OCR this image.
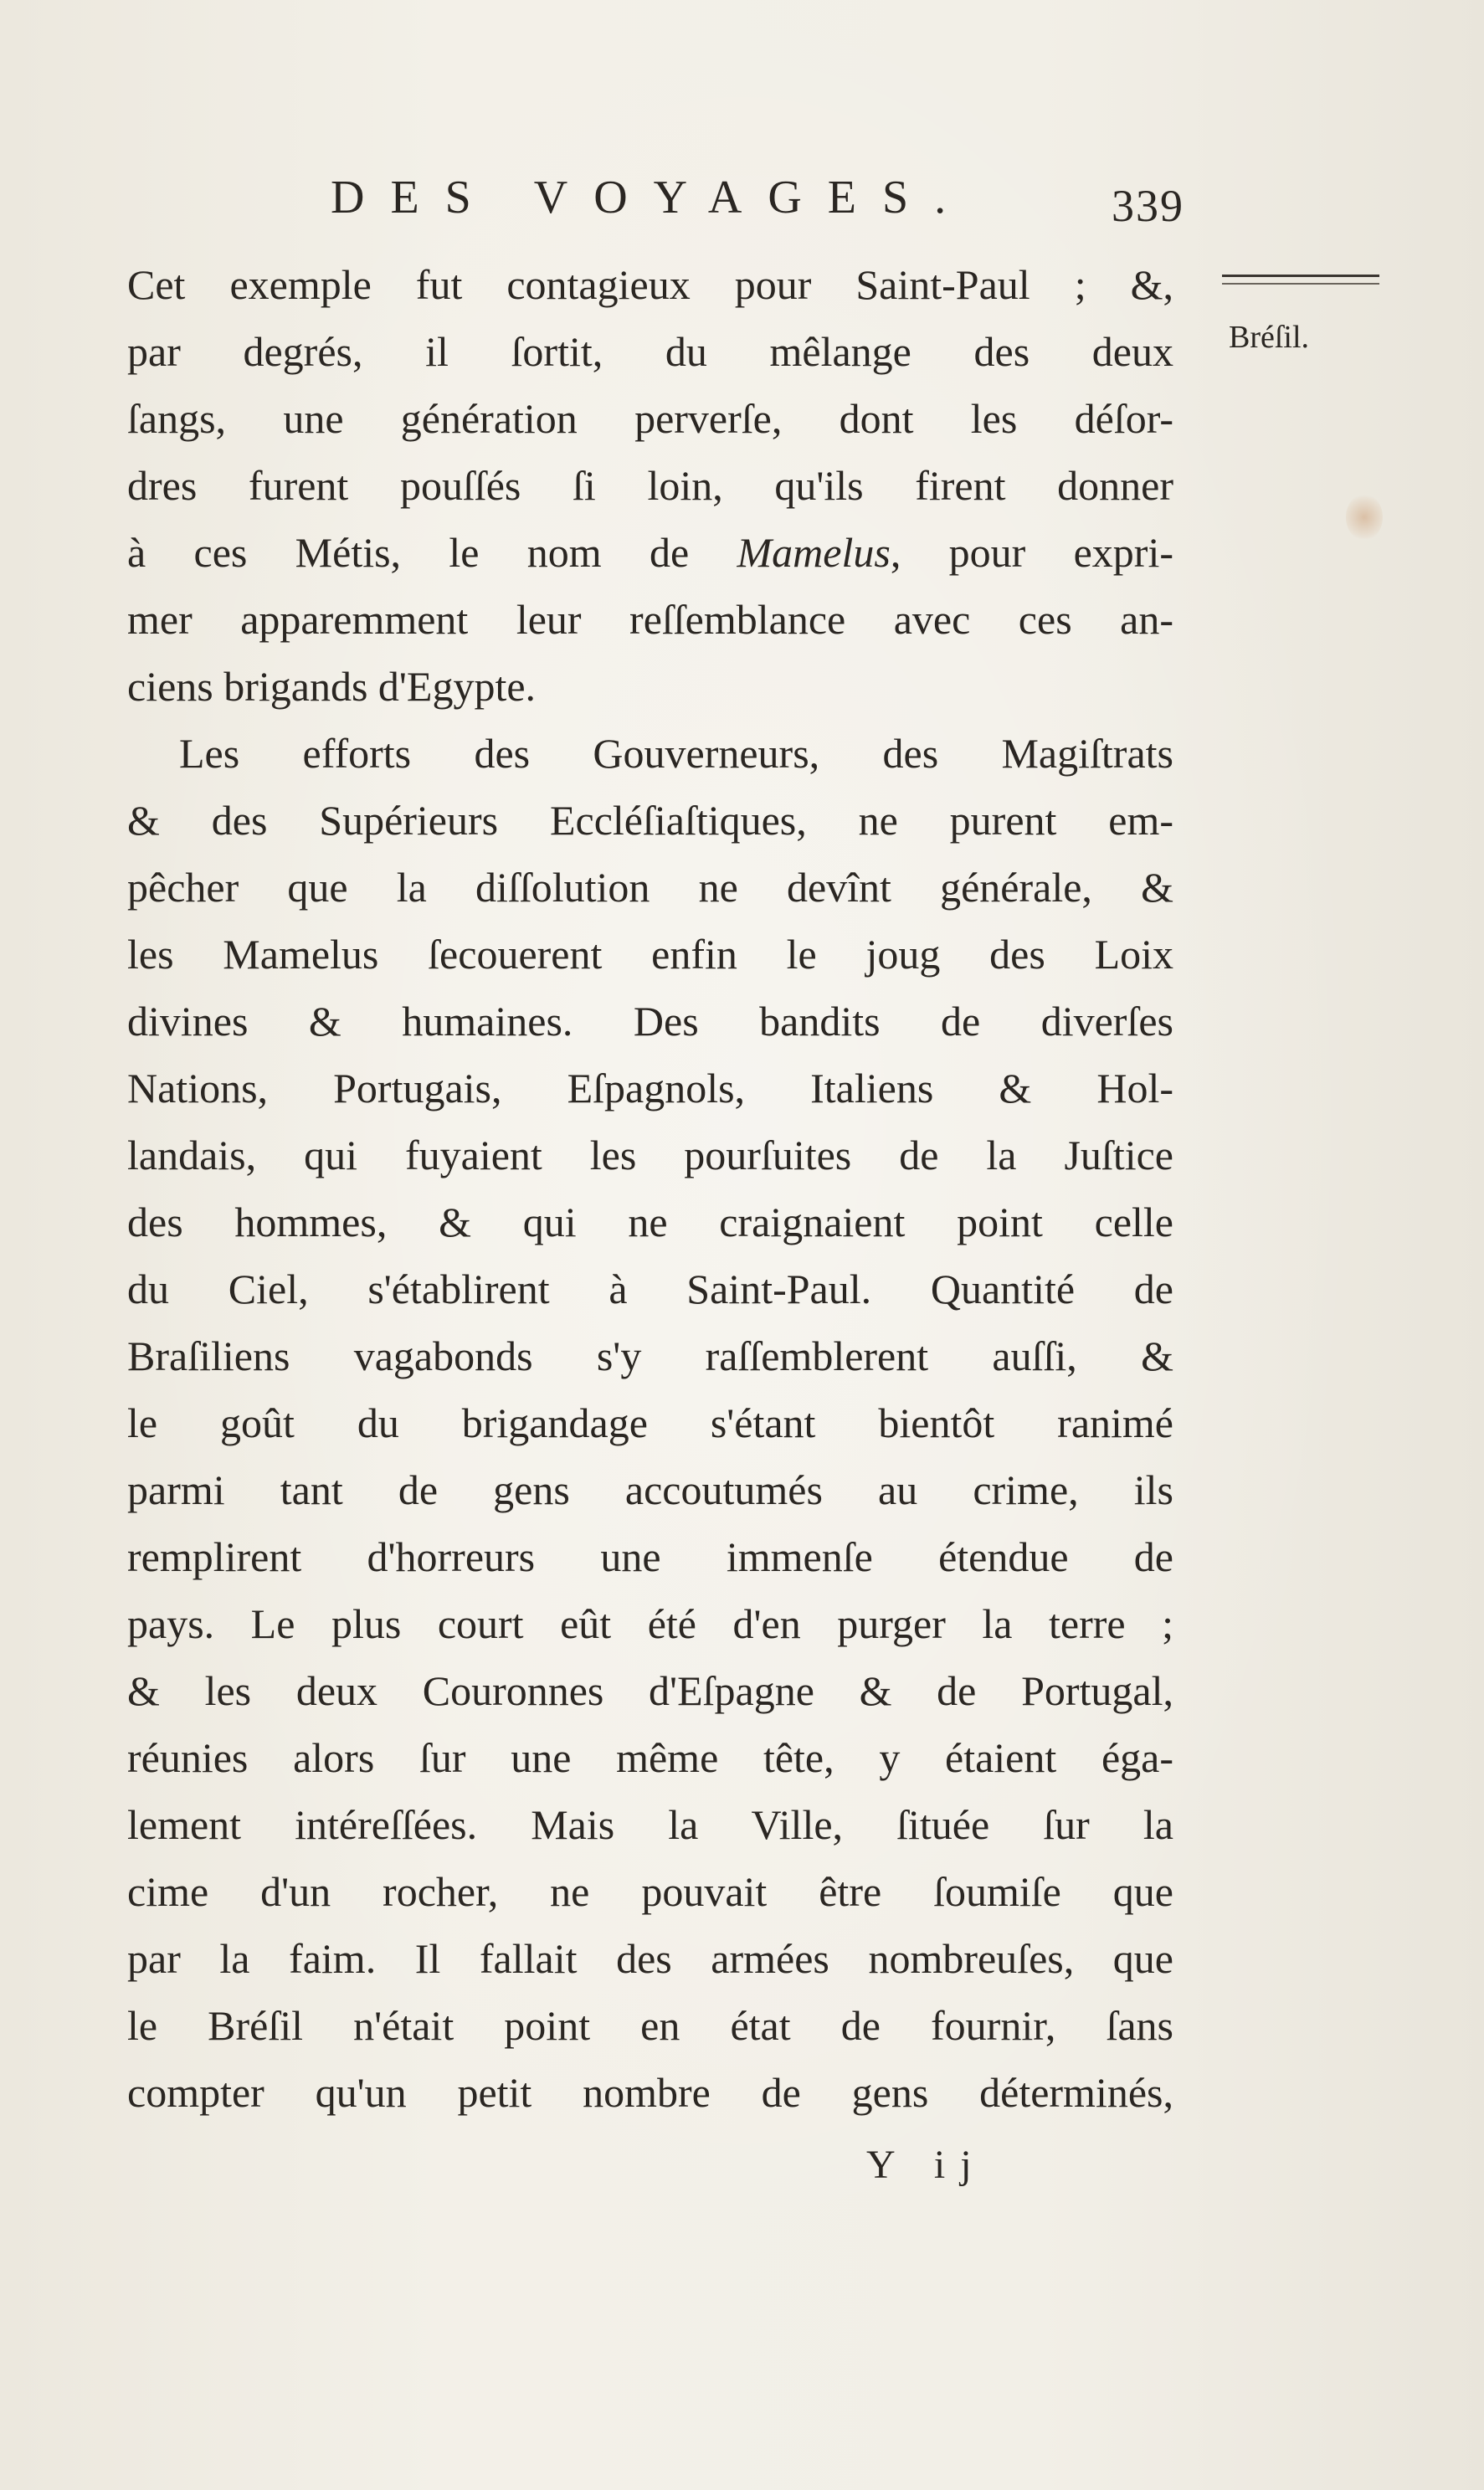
DES VOYAGES.	339
Bréſil.
Cet exemple fut contagieux pour Saint-Paul ; &,
par degrés, il ſortit, du mêlange des deux
ſangs, une génération perverſe, dont les déſor-
dres furent pouſſés ſi loin, qu'ils firent donner
à ces Métis, le nom de Mamelus, pour expri-
mer apparemment leur reſſemblance avec ces an-
ciens brigands d'Egypte.
Les efforts des Gouverneurs, des Magiſtrats
& des Supérieurs Eccléſiaſtiques, ne purent em-
pêcher que la diſſolution ne devînt générale, &
les Mamelus ſecouerent enfin le joug des Loix
divines & humaines. Des bandits de diverſes
Nations, Portugais, Eſpagnols, Italiens & Hol-
landais, qui fuyaient les pourſuites de la Juſtice
des hommes, & qui ne craignaient point celle
du Ciel, s'établirent à Saint-Paul. Quantité de
Braſiliens vagabonds s'y raſſemblerent auſſi, &
le goût du brigandage s'étant bientôt ranimé
parmi tant de gens accoutumés au crime, ils
remplirent d'horreurs une immenſe étendue de
pays. Le plus court eût été d'en purger la terre ;
& les deux Couronnes d'Eſpagne & de Portugal,
réunies alors ſur une même tête, y étaient éga-
lement intéreſſées. Mais la Ville, ſituée ſur la
cime d'un rocher, ne pouvait être ſoumiſe que
par la faim. Il fallait des armées nombreuſes, que
le Bréſil n'était point en état de fournir, ſans
compter qu'un petit nombre de gens déterminés,
Y ij
